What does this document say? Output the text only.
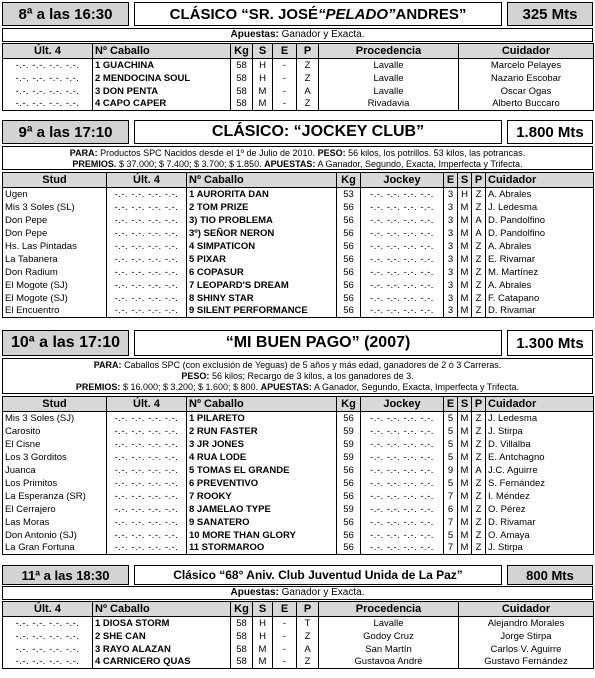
8ª a las 16:30	CLÁSICO “SR. JOSÉ “PELADO” ANDRES”	325 Mts
Apuestas: Ganador y Exacta.
Últ. 4	Nº Caballo	Kg	S	E	P	Procedencia	Cuidador
-.-. -.-. -.-. -.-.	1 GUACHINA	58	H	-	Z	Lavalle	Marcelo Pelayes
-.-. -.-. -.-. -.-.	2 MENDOCINA SOUL	58	H	-	Z	Lavalle	Nazario Escobar
-.-. -.-. -.-. -.-.	3 DON PENTA	58	M	-	A	Lavalle	Oscar Ogas
-.-. -.-. -.-. -.-.	4 CAPO CAPER	58	M	-	Z	Rivadavia	Alberto Buccaro
9ª a las 17:10	CLÁSICO: “JOCKEY CLUB”	1.800 Mts
PARA: Productos SPC Nacidos desde el 1º de Julio de 2010. PESO: 56 kilos, los potrillos. 53 kilos, las potrancas.
PREMIOS. $ 37.000; $ 7.400; $ 3.700; $ 1.850. APUESTAS: A Ganador, Segundo, Exacta, Imperfecta y Trifecta.
Stud	Últ. 4	Nº Caballo	Kg	Jockey	E	S	P	Cuidador
Ugen	-.-. -.-. -.-. -.-.	1 AURORITA DAN	53	-.-. -.-. -.-. -.-.	3	H	Z	A. Abrales
Mis 3 Soles (SL)	-.-. -.-. -.-. -.-.	2 TOM PRIZE	56	-.-. -.-. -.-. -.-.	3	M	Z	J. Ledesma
Don Pepe	-.-. -.-. -.-. -.-.	3) TIO PROBLEMA	56	-.-. -.-. -.-. -.-.	3	M	A	D. Pandolfino
Don Pepe	-.-. -.-. -.-. -.-.	3º) SEÑOR NERON	56	-.-. -.-. -.-. -.-.	3	M	A	D. Pandolfino
Hs. Las Pintadas	-.-. -.-. -.-. -.-.	4 SIMPATICON	56	-.-. -.-. -.-. -.-.	3	M	Z	A. Abrales
La Tabanera	-.-. -.-. -.-. -.-.	5 PIXAR	56	-.-. -.-. -.-. -.-.	3	M	Z	E. Rivamar
Don Radium	-.-. -.-. -.-. -.-.	6 COPASUR	56	-.-. -.-. -.-. -.-.	3	M	Z	M. Martínez
El Mogote (SJ)	-.-. -.-. -.-. -.-.	7 LEOPARD'S DREAM	56	-.-. -.-. -.-. -.-.	3	M	Z	A. Abrales
El Mogote (SJ)	-.-. -.-. -.-. -.-.	8 SHINY STAR	56	-.-. -.-. -.-. -.-.	3	M	Z	F. Catapano
El Encuentro	-.-. -.-. -.-. -.-.	9 SILENT PERFORMANCE	56	-.-. -.-. -.-. -.-.	3	M	Z	D. Rivamar
10ª a las 17:10	“MI BUEN PAGO” (2007)	1.300 Mts
PARA: Caballos SPC (con exclusión de Yeguas) de 5 años y más edad, ganadores de 2 ó 3 Carreras.
PESO: 56 kilos; Recargo de 3 kilos, a los ganadores de 3.
PREMIOS: $ 16.000; $ 3.200; $ 1.600; $ 800. APUESTAS: A Ganador, Segundo, Exacta, Imperfecta y Trifecta.
Stud	Últ. 4	Nº Caballo	Kg	Jockey	E	S	P	Cuidador
Mis 3 Soles (SJ)	-.-. -.-. -.-. -.-.	1 PILARETO	56	-.-. -.-. -.-. -.-.	5	M	Z	J. Ledesma
Carosito	-.-. -.-. -.-. -.-.	2 RUN FASTER	59	-.-. -.-. -.-. -.-.	5	M	Z	J. Stirpa
El Cisne	-.-. -.-. -.-. -.-.	3 JR JONES	59	-.-. -.-. -.-. -.-.	5	M	Z	D. Villalba
Los 3 Gorditos	-.-. -.-. -.-. -.-.	4 RUA LODE	59	-.-. -.-. -.-. -.-.	5	M	Z	E. Antchagno
Juanca	-.-. -.-. -.-. -.-.	5 TOMAS EL GRANDE	56	-.-. -.-. -.-. -.-.	9	M	A	J.C. Aguirre
Los Primitos	-.-. -.-. -.-. -.-.	6 PREVENTIVO	56	-.-. -.-. -.-. -.-.	5	M	Z	S. Fernández
La Esperanza (SR)	-.-. -.-. -.-. -.-.	7 ROOKY	56	-.-. -.-. -.-. -.-.	7	M	Z	I. Méndez
El Cerrajero	-.-. -.-. -.-. -.-.	8 JAMELAO TYPE	59	-.-. -.-. -.-. -.-.	6	M	Z	O. Pérez
Las Moras	-.-. -.-. -.-. -.-.	9 SANATERO	56	-.-. -.-. -.-. -.-.	7	M	Z	D. Rivamar
Don Antonio (SJ)	-.-. -.-. -.-. -.-.	10 MORE THAN GLORY	56	-.-. -.-. -.-. -.-.	5	M	Z	O. Amaya
La Gran Fortuna	-.-. -.-. -.-. -.-.	11 STORMAROO	56	-.-. -.-. -.-. -.-.	7	M	Z	J. Stirpa
11ª a las 18:30	Clásico “68° Aniv. Club Juventud Unida de La Paz”	800 Mts
Apuestas: Ganador y Exacta.
Últ. 4	Nº Caballo	Kg	S	E	P	Procedencia	Cuidador
-.-. -.-. -.-. -.-.	1 DIOSA STORM	58	H	-	T	Lavalle	Alejandro Morales
-.-. -.-. -.-. -.-.	2 SHE CAN	58	H	-	Z	Godoy Cruz	Jorge Stirpa
-.-. -.-. -.-. -.-.	3 RAYO ALAZAN	58	M	-	A	San Martín	Carlos V. Aguirre
-.-. -.-. -.-. -.-.	4 CARNICERO QUAS	58	M	-	Z	Gustavoa André	Gustavo Fernández
